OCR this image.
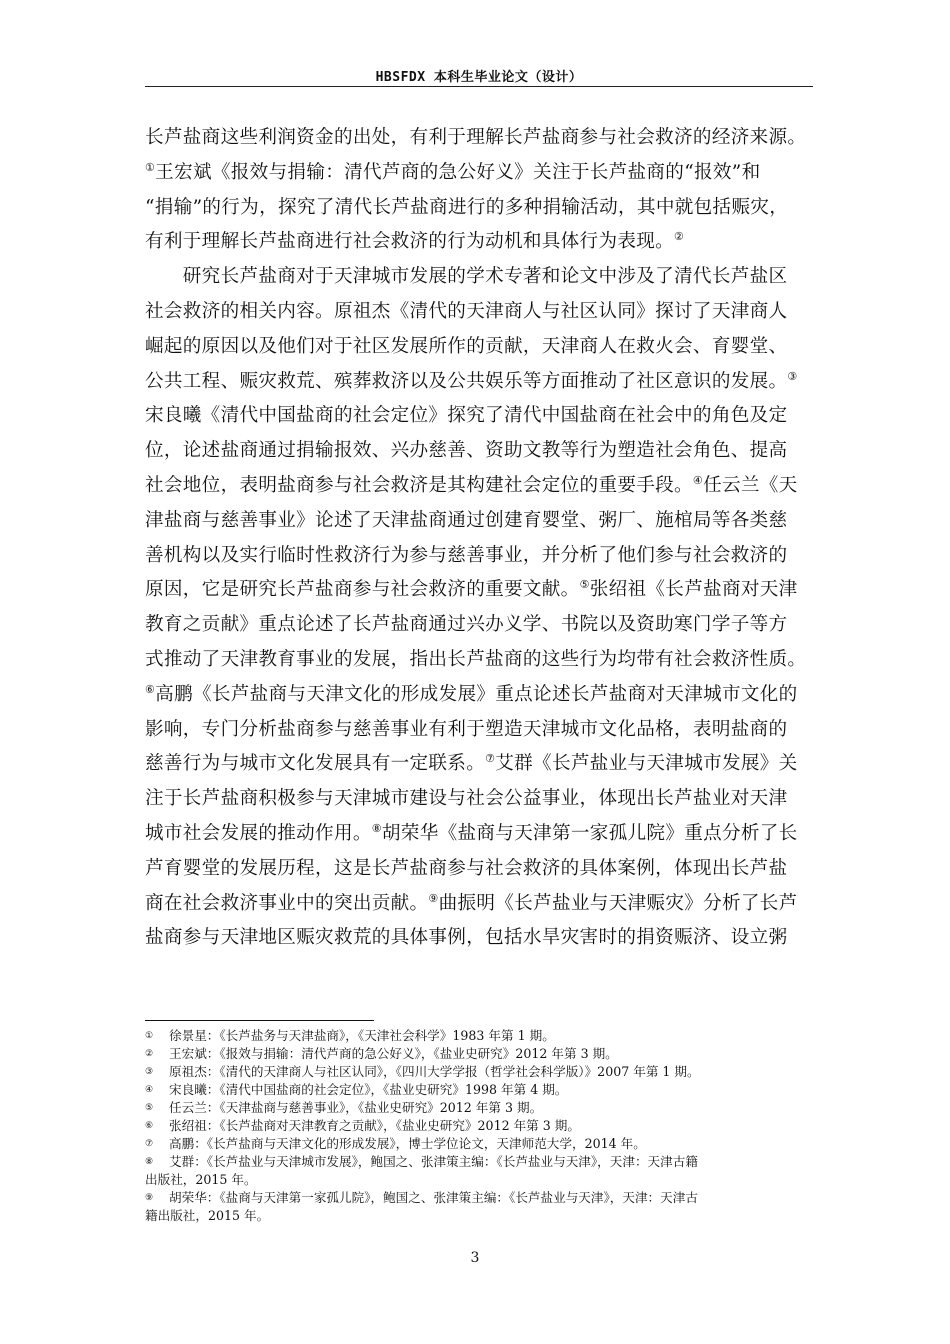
HBSFDX 本科生毕业论文（设计）
长芦盐商这些利润资金的出处，有利于理解长芦盐商参与社会救济的经济来源。
①王宏斌《报效与捐输：清代芦商的急公好义》关注于长芦盐商的“报效”和
“捐输”的行为，探究了清代长芦盐商进行的多种捐输活动，其中就包括赈灾，
有利于理解长芦盐商进行社会救济的行为动机和具体行为表现。②
　　研究长芦盐商对于天津城市发展的学术专著和论文中涉及了清代长芦盐区
社会救济的相关内容。原祖杰《清代的天津商人与社区认同》探讨了天津商人
崛起的原因以及他们对于社区发展所作的贡献，天津商人在救火会、育婴堂、
公共工程、赈灾救荒、殡葬救济以及公共娱乐等方面推动了社区意识的发展。③
宋良曦《清代中国盐商的社会定位》探究了清代中国盐商在社会中的角色及定
位，论述盐商通过捐输报效、兴办慈善、资助文教等行为塑造社会角色、提高
社会地位，表明盐商参与社会救济是其构建社会定位的重要手段。④任云兰《天
津盐商与慈善事业》论述了天津盐商通过创建育婴堂、粥厂、施棺局等各类慈
善机构以及实行临时性救济行为参与慈善事业，并分析了他们参与社会救济的
原因，它是研究长芦盐商参与社会救济的重要文献。⑤张绍祖《长芦盐商对天津
教育之贡献》重点论述了长芦盐商通过兴办义学、书院以及资助寒门学子等方
式推动了天津教育事业的发展，指出长芦盐商的这些行为均带有社会救济性质。
⑥高鹏《长芦盐商与天津文化的形成发展》重点论述长芦盐商对天津城市文化的
影响，专门分析盐商参与慈善事业有利于塑造天津城市文化品格，表明盐商的
慈善行为与城市文化发展具有一定联系。⑦艾群《长芦盐业与天津城市发展》关
注于长芦盐商积极参与天津城市建设与社会公益事业，体现出长芦盐业对天津
城市社会发展的推动作用。⑧胡荣华《盐商与天津第一家孤儿院》重点分析了长
芦育婴堂的发展历程，这是长芦盐商参与社会救济的具体案例，体现出长芦盐
商在社会救济事业中的突出贡献。⑨曲振明《长芦盐业与天津赈灾》分析了长芦
盐商参与天津地区赈灾救荒的具体事例，包括水旱灾害时的捐资赈济、设立粥
① 徐景星：《长芦盐务与天津盐商》，《天津社会科学》1983 年第 1 期。
② 王宏斌：《报效与捐输：清代芦商的急公好义》，《盐业史研究》2012 年第 3 期。
③ 原祖杰：《清代的天津商人与社区认同》，《四川大学学报（哲学社会科学版）》2007 年第 1 期。
④ 宋良曦：《清代中国盐商的社会定位》，《盐业史研究》1998 年第 4 期。
⑤ 任云兰：《天津盐商与慈善事业》，《盐业史研究》2012 年第 3 期。
⑥ 张绍祖：《长芦盐商对天津教育之贡献》，《盐业史研究》2012 年第 3 期。
⑦ 高鹏：《长芦盐商与天津文化的形成发展》，博士学位论文，天津师范大学，2014 年。
⑧ 艾群：《长芦盐业与天津城市发展》，鲍国之、张津策主编：《长芦盐业与天津》，天津：天津古籍
出版社，2015 年。
⑨ 胡荣华：《盐商与天津第一家孤儿院》，鲍国之、张津策主编：《长芦盐业与天津》，天津：天津古
籍出版社，2015 年。
3
